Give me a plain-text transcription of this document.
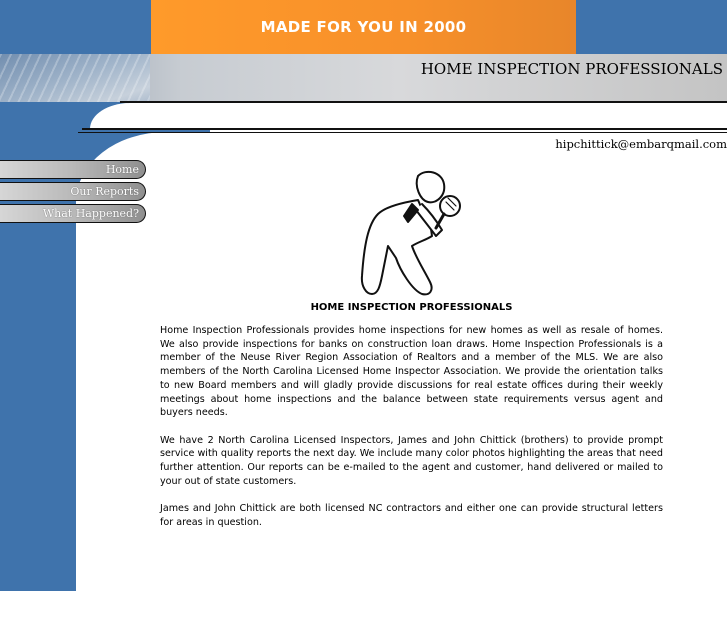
MADE FOR YOU IN 2000
HOME INSPECTION PROFESSIONALS
hipchittick@embarqmail.com
Home
Our Reports
What Happened?
HOME INSPECTION PROFESSIONALS

Home Inspection Professionals provides home inspections for new homes as well as resale of homes. We also provide inspections for banks on construction loan draws. Home Inspection Professionals is a member of the Neuse River Region Association of Realtors and a member of the MLS. We are also members of the North Carolina Licensed Home Inspector Association. We provide the orientation talks to new Board members and will gladly provide discussions for real estate offices during their weekly meetings about home inspections and the balance between state requirements versus agent and buyers needs.

We have 2 North Carolina Licensed Inspectors, James and John Chittick (brothers) to provide prompt service with quality reports the next day. We include many color photos highlighting the areas that need further attention. Our reports can be e-mailed to the agent and customer, hand delivered or mailed to your out of state customers.

James and John Chittick are both licensed NC contractors and either one can provide structural letters for areas in question.
